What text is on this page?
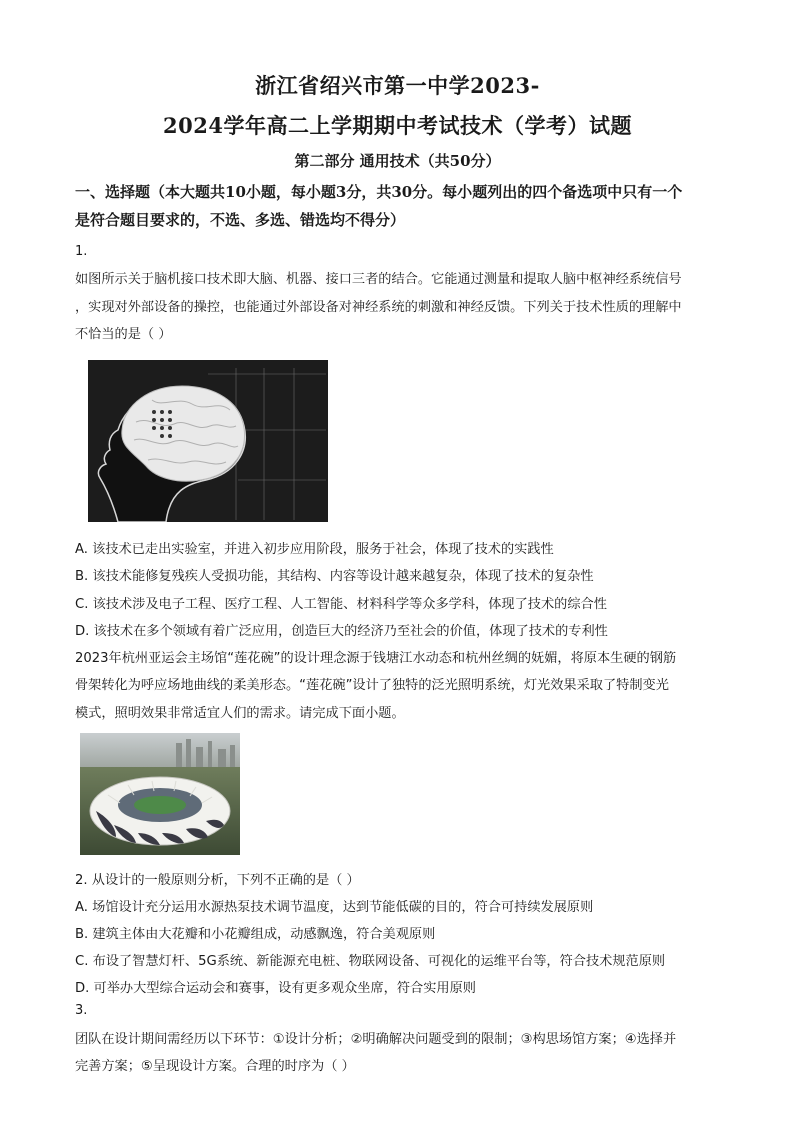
浙江省绍兴市第一中学2023-
2024学年高二上学期期中考试技术（学考）试题
第二部分 通用技术（共50分）
一、选择题（本大题共10小题，每小题3分，共30分。每小题列出的四个备选项中只有一个
是符合题目要求的，不选、多选、错选均不得分）
1.
如图所示关于脑机接口技术即大脑、机器、接口三者的结合。它能通过测量和提取人脑中枢神经系统信号
，实现对外部设备的操控，也能通过外部设备对神经系统的刺激和神经反馈。下列关于技术性质的理解中
不恰当的是（ ）
A. 该技术已走出实验室，并进入初步应用阶段，服务于社会，体现了技术的实践性
B. 该技术能修复残疾人受损功能，其结构、内容等设计越来越复杂，体现了技术的复杂性
C. 该技术涉及电子工程、医疗工程、人工智能、材料科学等众多学科，体现了技术的综合性
D. 该技术在多个领域有着广泛应用，创造巨大的经济乃至社会的价值，体现了技术的专利性
2023年杭州亚运会主场馆“莲花碗”的设计理念源于钱塘江水动态和杭州丝绸的妩媚，将原本生硬的钢筋
骨架转化为呼应场地曲线的柔美形态。“莲花碗”设计了独特的泛光照明系统，灯光效果采取了特制变光
模式，照明效果非常适宜人们的需求。请完成下面小题。
2. 从设计的一般原则分析，下列不正确的是（ ）
A. 场馆设计充分运用水源热泵技术调节温度，达到节能低碳的目的，符合可持续发展原则
B. 建筑主体由大花瓣和小花瓣组成，动感飘逸，符合美观原则
C. 布设了智慧灯杆、5G系统、新能源充电桩、物联网设备、可视化的运维平台等，符合技术规范原则
D. 可举办大型综合运动会和赛事，设有更多观众坐席，符合实用原则
3.
团队在设计期间需经历以下环节：①设计分析；②明确解决问题受到的限制；③构思场馆方案；④选择并
完善方案；⑤呈现设计方案。合理的时序为（ ）
